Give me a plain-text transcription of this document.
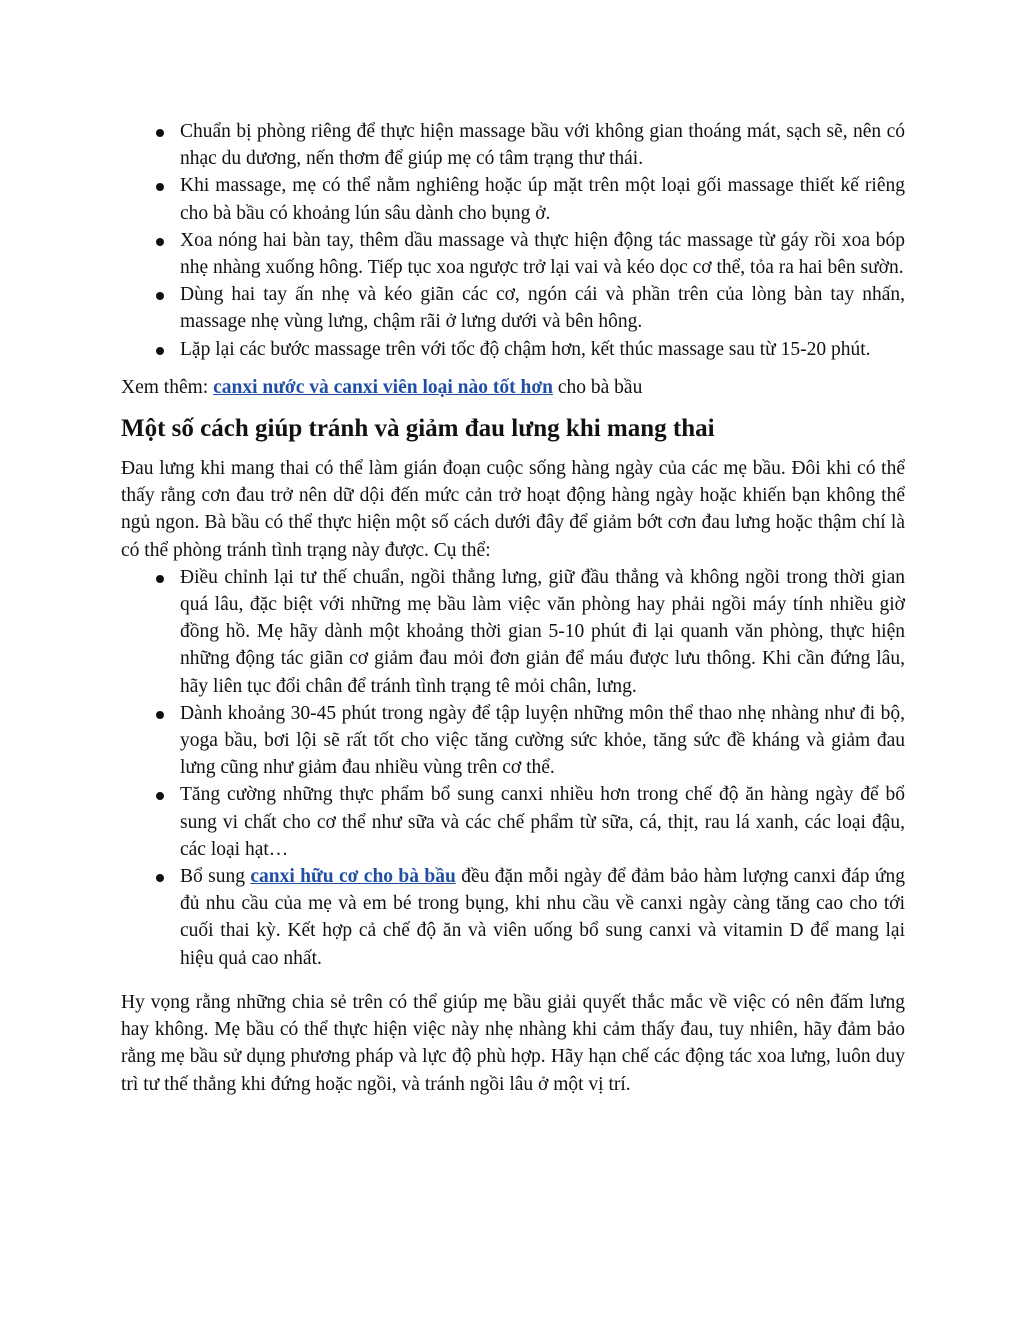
Chuẩn bị phòng riêng để thực hiện massage bầu với không gian thoáng mát, sạch sẽ, nên có nhạc du dương, nến thơm để giúp mẹ có tâm trạng thư thái.
Khi massage, mẹ có thể nằm nghiêng hoặc úp mặt trên một loại gối massage thiết kế riêng cho bà bầu có khoảng lún sâu dành cho bụng ở.
Xoa nóng hai bàn tay, thêm dầu massage và thực hiện động tác massage từ gáy rồi xoa bóp nhẹ nhàng xuống hông. Tiếp tục xoa ngược trở lại vai và kéo dọc cơ thể, tỏa ra hai bên sườn.
Dùng hai tay ấn nhẹ và kéo giãn các cơ, ngón cái và phần trên của lòng bàn tay nhấn, massage nhẹ vùng lưng, chậm rãi ở lưng dưới và bên hông.
Lặp lại các bước massage trên với tốc độ chậm hơn, kết thúc massage sau từ 15-20 phút.

Xem thêm: canxi nước và canxi viên loại nào tốt hơn cho bà bầu

Một số cách giúp tránh và giảm đau lưng khi mang thai

Đau lưng khi mang thai có thể làm gián đoạn cuộc sống hàng ngày của các mẹ bầu. Đôi khi có thể thấy rằng cơn đau trở nên dữ dội đến mức cản trở hoạt động hàng ngày hoặc khiến bạn không thể ngủ ngon. Bà bầu có thể thực hiện một số cách dưới đây để giảm bớt cơn đau lưng hoặc thậm chí là có thể phòng tránh tình trạng này được. Cụ thể:

Điều chỉnh lại tư thế chuẩn, ngồi thẳng lưng, giữ đầu thẳng và không ngồi trong thời gian quá lâu, đặc biệt với những mẹ bầu làm việc văn phòng hay phải ngồi máy tính nhiều giờ đồng hồ. Mẹ hãy dành một khoảng thời gian 5-10 phút đi lại quanh văn phòng, thực hiện những động tác giãn cơ giảm đau mỏi đơn giản để máu được lưu thông. Khi cần đứng lâu, hãy liên tục đổi chân để tránh tình trạng tê mỏi chân, lưng.
Dành khoảng 30-45 phút trong ngày để tập luyện những môn thể thao nhẹ nhàng như đi bộ, yoga bầu, bơi lội sẽ rất tốt cho việc tăng cường sức khỏe, tăng sức đề kháng và giảm đau lưng cũng như giảm đau nhiều vùng trên cơ thể.
Tăng cường những thực phẩm bổ sung canxi nhiều hơn trong chế độ ăn hàng ngày để bổ sung vi chất cho cơ thể như sữa và các chế phẩm từ sữa, cá, thịt, rau lá xanh, các loại đậu, các loại hạt…
Bổ sung canxi hữu cơ cho bà bầu đều đặn mỗi ngày để đảm bảo hàm lượng canxi đáp ứng đủ nhu cầu của mẹ và em bé trong bụng, khi nhu cầu về canxi ngày càng tăng cao cho tới cuối thai kỳ. Kết hợp cả chế độ ăn và viên uống bổ sung canxi và vitamin D để mang lại hiệu quả cao nhất.

Hy vọng rằng những chia sẻ trên có thể giúp mẹ bầu giải quyết thắc mắc về việc có nên đấm lưng hay không. Mẹ bầu có thể thực hiện việc này nhẹ nhàng khi cảm thấy đau, tuy nhiên, hãy đảm bảo rằng mẹ bầu sử dụng phương pháp và lực độ phù hợp. Hãy hạn chế các động tác xoa lưng, luôn duy trì tư thế thẳng khi đứng hoặc ngồi, và tránh ngồi lâu ở một vị trí.
